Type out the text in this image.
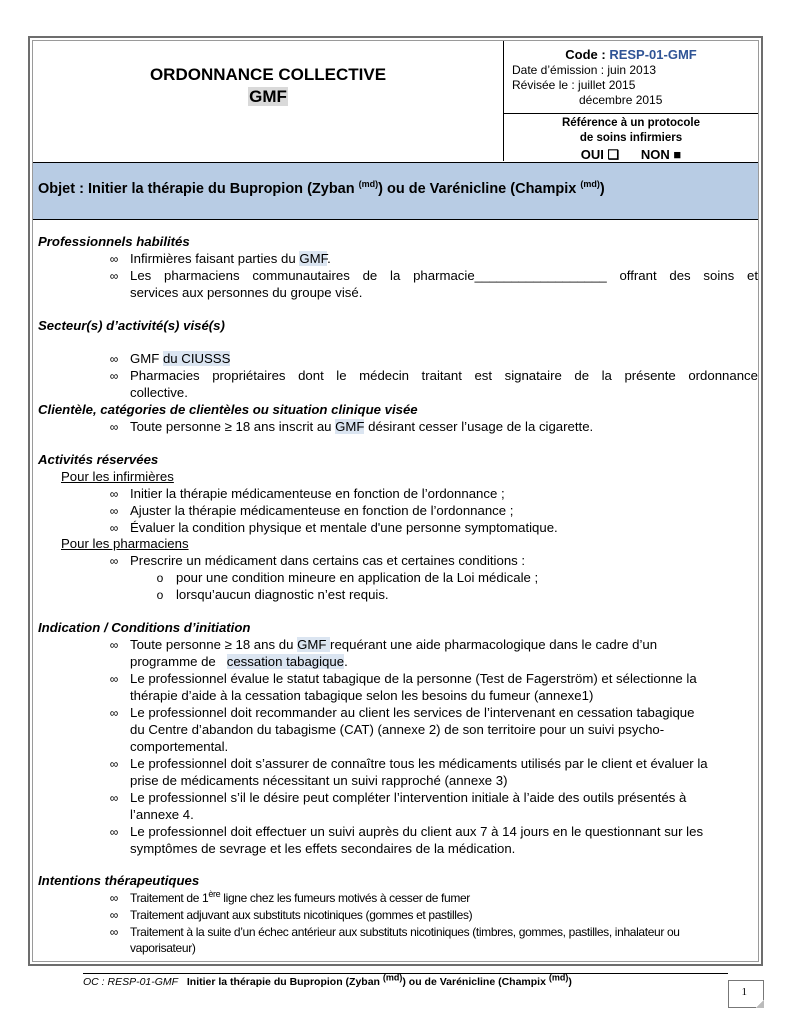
ORDONNANCE COLLECTIVE
GMF
Code : RESP-01-GMF
Date d’émission : juin 2013
Révisée le : juillet 2015
décembre 2015
Référence à un protocole
de soins infirmiers
OUI ❑ NON ■
Objet : Initier la thérapie du Bupropion (Zyban $^{(md)}$) ou de Varénicline (Champix $^{(md)}$)
Professionnels habilités
∞ Infirmières faisant parties du GMF.
∞ Les pharmaciens communautaires de la pharmacie__________________ offrant des soins et
services aux personnes du groupe visé.
Secteur(s) d’activité(s) visé(s)
∞ GMF du CIUSSS
∞ Pharmacies propriétaires dont le médecin traitant est signataire de la présente ordonnance
collective.
Clientèle, catégories de clientèles ou situation clinique visée
∞ Toute personne ≥ 18 ans inscrit au GMF désirant cesser l’usage de la cigarette.
Activités réservées
Pour les infirmières
∞ Initier la thérapie médicamenteuse en fonction de l’ordonnance ;
∞ Ajuster la thérapie médicamenteuse en fonction de l’ordonnance ;
∞ Évaluer la condition physique et mentale d'une personne symptomatique.
Pour les pharmaciens
∞ Prescrire un médicament dans certains cas et certaines conditions :
o pour une condition mineure en application de la Loi médicale ;
o lorsqu’aucun diagnostic n’est requis.
Indication / Conditions d’initiation
∞ Toute personne ≥ 18 ans du GMF requérant une aide pharmacologique dans le cadre d’un
programme de   cessation tabagique.
∞ Le professionnel évalue le statut tabagique de la personne (Test de Fagerström) et sélectionne la
thérapie d’aide à la cessation tabagique selon les besoins du fumeur (annexe1)
∞ Le professionnel doit recommander au client les services de l’intervenant en cessation tabagique
du Centre d’abandon du tabagisme (CAT) (annexe 2) de son territoire pour un suivi psycho-
comportemental.
∞ Le professionnel doit s’assurer de connaître tous les médicaments utilisés par le client et évaluer la
prise de médicaments nécessitant un suivi rapproché (annexe 3)
∞ Le professionnel s’il le désire peut compléter l’intervention initiale à l’aide des outils présentés à
l’annexe 4.
∞ Le professionnel doit effectuer un suivi auprès du client aux 7 à 14 jours en le questionnant sur les
symptômes de sevrage et les effets secondaires de la médication.
Intentions thérapeutiques
∞ Traitement de 1ère ligne chez les fumeurs motivés à cesser de fumer
∞ Traitement adjuvant aux substituts nicotiniques (gommes et pastilles)
∞ Traitement à la suite d’un échec antérieur aux substituts nicotiniques (timbres, gommes, pastilles, inhalateur ou
vaporisateur)
OC : RESP-01-GMF Initier la thérapie du Bupropion (Zyban $^{(md)}$) ou de Varénicline (Champix $^{(md)}$)
1
